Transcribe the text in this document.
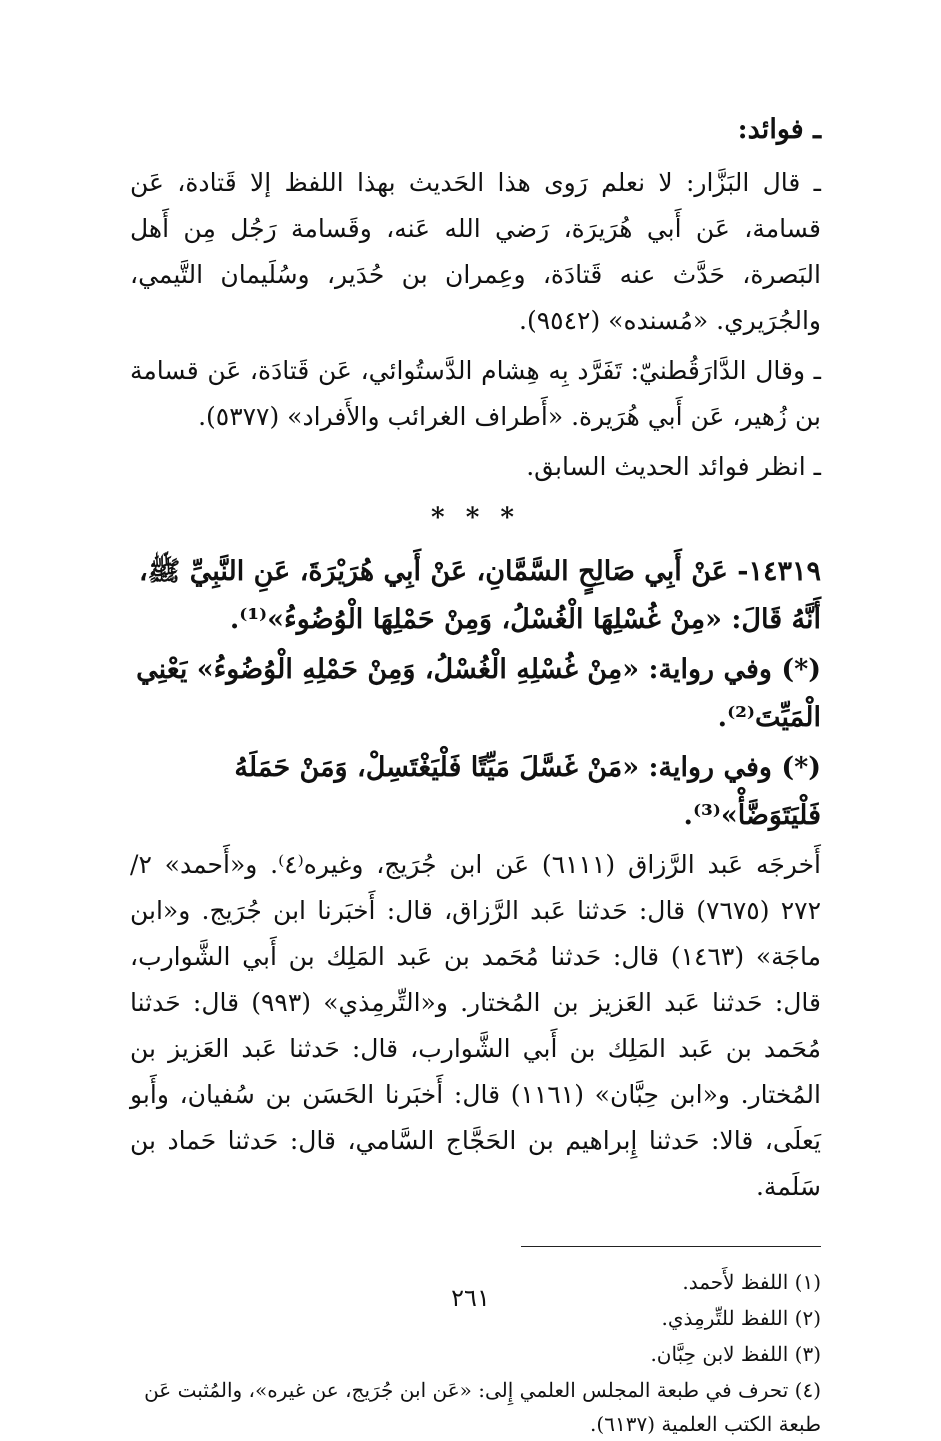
ـ فوائد:

ـ قال البَزَّار: لا نعلم رَوى هذا الحَديث بهذا اللفظ إلا قَتادة، عَن قسامة، عَن أَبي هُرَيرَة، رَضي الله عَنه، وقَسامة رَجُل مِن أَهل البَصرة، حَدَّث عنه قَتادَة، وعِمران بن حُدَير، وسُلَيمان التَّيمي، والجُرَيري. «مُسنده» (٩٥٤٢).

ـ وقال الدَّارَقُطنيّ: تَفَرَّد بِه هِشام الدَّستُوائي، عَن قَتادَة، عَن قسامة بن زُهير، عَن أَبي هُرَيرة. «أَطراف الغرائب والأَفراد» (٥٣٧٧).

ـ انظر فوائد الحديث السابق.

* * *

١٤٣١٩- عَنْ أَبِي صَالِحٍ السَّمَّانِ، عَنْ أَبِي هُرَيْرَةَ، عَنِ النَّبِيِّ ﷺ، أَنَّهُ قَالَ: «مِنْ غُسْلِهَا الْغُسْلُ، وَمِنْ حَمْلِهَا الْوُضُوءُ»⁽¹⁾.

(*) وفي رواية: «مِنْ غُسْلِهِ الْغُسْلُ، وَمِنْ حَمْلِهِ الْوُضُوءُ» يَعْنِي الْمَيِّتَ⁽²⁾.

(*) وفي رواية: «مَنْ غَسَّلَ مَيِّتًا فَلْيَغْتَسِلْ، وَمَنْ حَمَلَهُ فَلْيَتَوَضَّأْ»⁽³⁾.

أَخرجَه عَبد الرَّزاق (٦١١١) عَن ابن جُرَيج، وغيره⁽٤⁾. و«أَحمد» ٢/ ٢٧٢ (٧٦٧٥) قال: حَدثنا عَبد الرَّزاق، قال: أَخبَرنا ابن جُرَيج. و«ابن ماجَة» (١٤٦٣) قال: حَدثنا مُحَمد بن عَبد المَلِك بن أَبي الشَّوارب، قال: حَدثنا عَبد العَزيز بن المُختار. و«التِّرمِذي» (٩٩٣) قال: حَدثنا مُحَمد بن عَبد المَلِك بن أَبي الشَّوارب، قال: حَدثنا عَبد العَزيز بن المُختار. و«ابن حِبَّان» (١١٦١) قال: أَخبَرنا الحَسَن بن سُفيان، وأَبو يَعلَى، قالا: حَدثنا إِبراهيم بن الحَجَّاج السَّامي، قال: حَدثنا حَماد بن سَلَمة.

(١) اللفظ لأَحمد.

(٢) اللفظ للتِّرمِذي.

(٣) اللفظ لابن حِبَّان.

(٤) تحرف في طبعة المجلس العلمي إِلى: «عَن ابن جُرَيج، عن غيره»، والمُثبت عَن طبعة الكتب العلمية (٦١٣٧).

٢٦١
